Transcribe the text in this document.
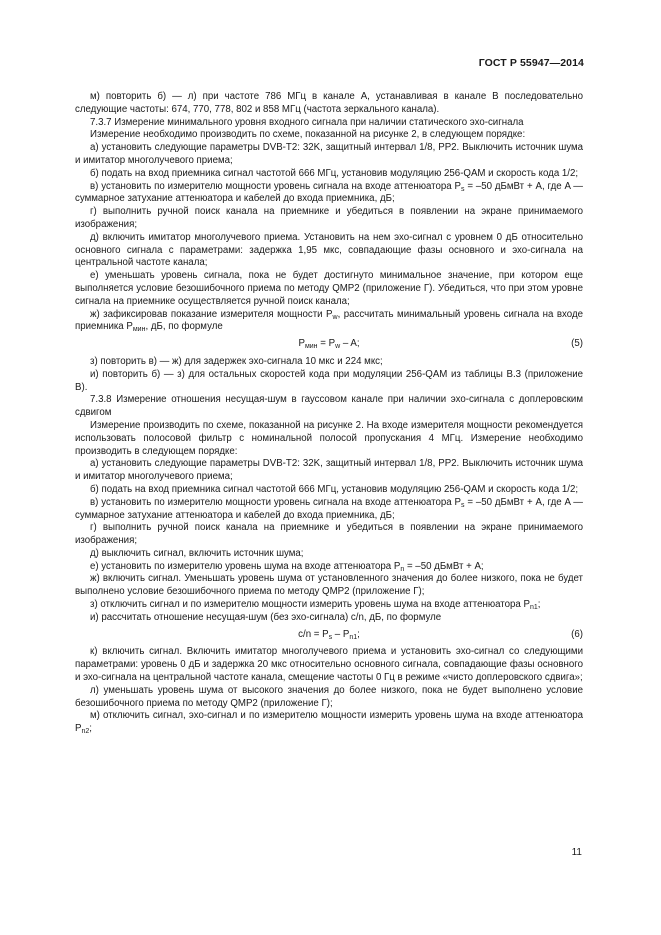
ГОСТ Р 55947—2014

м) повторить б) — л) при частоте 786 МГц в канале A, устанавливая в канале B последовательно следующие частоты: 674, 770, 778, 802 и 858 МГц (частота зеркального канала).

7.3.7 Измерение минимального уровня входного сигнала при наличии статического эхо-сигнала

Измерение необходимо производить по схеме, показанной на рисунке 2, в следующем порядке:

а) установить следующие параметры DVB-T2: 32K, защитный интервал 1/8, PP2. Выключить источник шума и имитатор многолучевого приема;

б) подать на вход приемника сигнал частотой 666 МГц, установив модуляцию 256-QAM и скорость кода 1/2;

в) установить по измерителю мощности уровень сигнала на входе аттенюатора $P_s = -50$ дБмВт + A, где A — суммарное затухание аттенюатора и кабелей до входа приемника, дБ;

г) выполнить ручной поиск канала на приемнике и убедиться в появлении на экране принимаемого изображения;

д) включить имитатор многолучевого приема. Установить на нем эхо-сигнал с уровнем 0 дБ относительно основного сигнала с параметрами: задержка 1,95 мкс, совпадающие фазы основного и эхо-сигнала на центральной частоте канала;

е) уменьшать уровень сигнала, пока не будет достигнуто минимальное значение, при котором еще выполняется условие безошибочного приема по методу QMP2 (приложение Г). Убедиться, что при этом уровне сигнала на приемнике осуществляется ручной поиск канала;

ж) зафиксировав показание измерителя мощности $P_w$, рассчитать минимальный уровень сигнала на входе приемника $P_{мин}$, дБ, по формуле

$P_{мин} = P_w - A$;	(5)

з) повторить в) — ж) для задержек эхо-сигнала 10 мкс и 224 мкс;

и) повторить б) — з) для остальных скоростей кода при модуляции 256-QAM из таблицы B.3 (приложение B).

7.3.8 Измерение отношения несущая-шум в гауссовом канале при наличии эхо-сигнала с доплеровским сдвигом

Измерение производить по схеме, показанной на рисунке 2. На входе измерителя мощности рекомендуется использовать полосовой фильтр с номинальной полосой пропускания 4 МГц. Измерение необходимо производить в следующем порядке:

а) установить следующие параметры DVB-T2: 32K, защитный интервал 1/8, PP2. Выключить источник шума и имитатор многолучевого приема;

б) подать на вход приемника сигнал частотой 666 МГц, установив модуляцию 256-QAM и скорость кода 1/2;

в) установить по измерителю мощности уровень сигнала на входе аттенюатора $P_s = -50$ дБмВт + A, где A — суммарное затухание аттенюатора и кабелей до входа приемника, дБ;

г) выполнить ручной поиск канала на приемнике и убедиться в появлении на экране принимаемого изображения;

д) выключить сигнал, включить источник шума;

е) установить по измерителю уровень шума на входе аттенюатора $P_n = -50$ дБмВт + A;

ж) включить сигнал. Уменьшать уровень шума от установленного значения до более низкого, пока не будет выполнено условие безошибочного приема по методу QMP2 (приложение Г);

з) отключить сигнал и по измерителю мощности измерить уровень шума на входе аттенюатора $P_{n1}$;

и) рассчитать отношение несущая-шум (без эхо-сигнала) c/n, дБ, по формуле

$c/n = P_s - P_{n1}$;	(6)

к) включить сигнал. Включить имитатор многолучевого приема и установить эхо-сигнал со следующими параметрами: уровень 0 дБ и задержка 20 мкс относительно основного сигнала, совпадающие фазы основного и эхо-сигнала на центральной частоте канала, смещение частоты 0 Гц в режиме «чисто доплеровского сдвига»;

л) уменьшать уровень шума от высокого значения до более низкого, пока не будет выполнено условие безошибочного приема по методу QMP2 (приложение Г);

м) отключить сигнал, эхо-сигнал и по измерителю мощности измерить уровень шума на входе аттенюатора $P_{n2}$;

11
